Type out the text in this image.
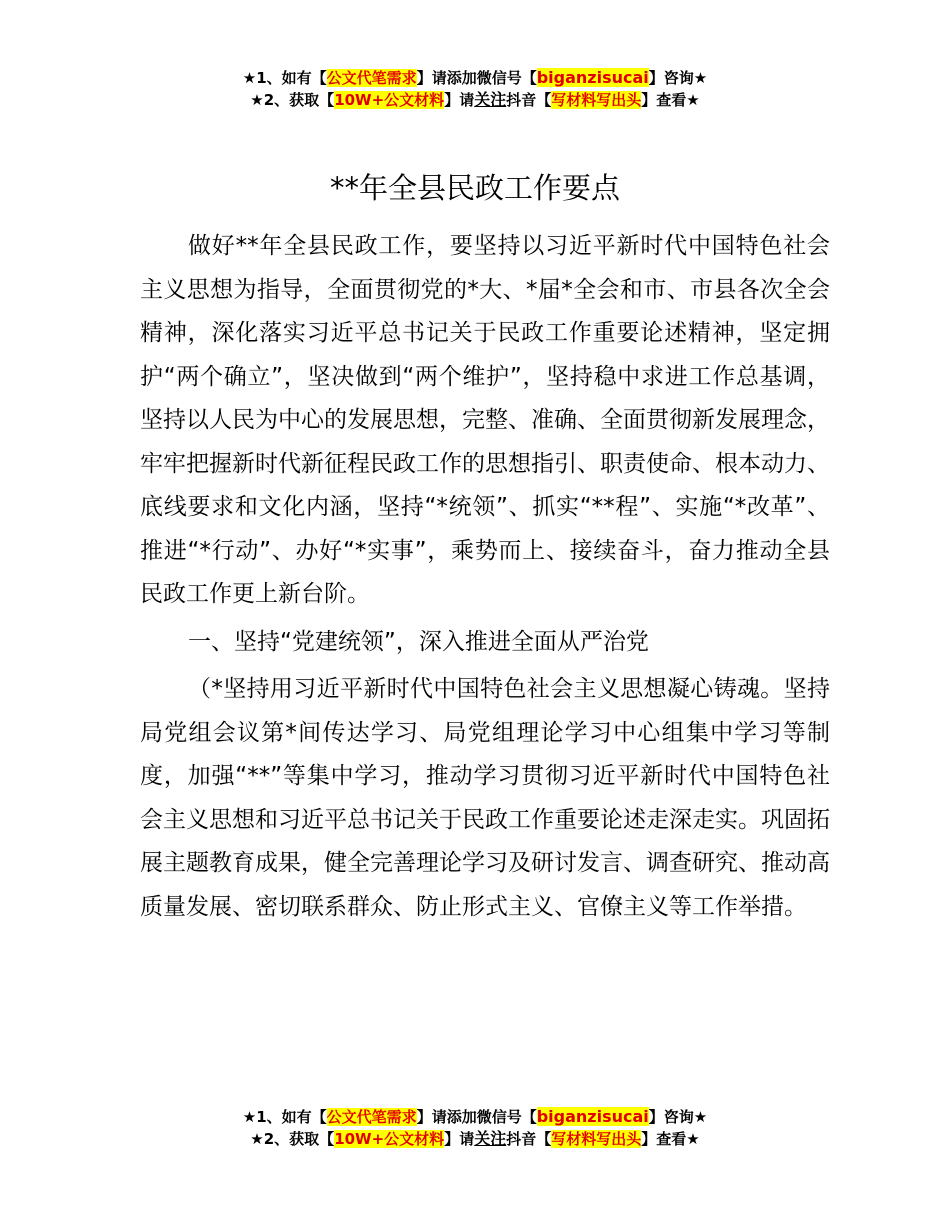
★1、如有【公文代笔需求】请添加微信号【biganzisucai】咨询★
★2、获取【10W+公文材料】请关注抖音【写材料写出头】查看★
**年全县民政工作要点

做好**年全县民政工作，要坚持以习近平新时代中国特色社会主义思想为指导，全面贯彻党的*大、*届*全会和市、市县各次全会精神，深化落实习近平总书记关于民政工作重要论述精神，坚定拥护“两个确立”，坚决做到“两个维护”，坚持稳中求进工作总基调，坚持以人民为中心的发展思想，完整、准确、全面贯彻新发展理念，牢牢把握新时代新征程民政工作的思想指引、职责使命、根本动力、底线要求和文化内涵，坚持“*统领”、抓实“**程”、实施“*改革”、推进“*行动”、办好“*实事”，乘势而上、接续奋斗，奋力推动全县民政工作更上新台阶。

一、坚持“党建统领”，深入推进全面从严治党

（*坚持用习近平新时代中国特色社会主义思想凝心铸魂。坚持局党组会议第*间传达学习、局党组理论学习中心组集中学习等制度，加强“**”等集中学习，推动学习贯彻习近平新时代中国特色社会主义思想和习近平总书记关于民政工作重要论述走深走实。巩固拓展主题教育成果，健全完善理论学习及研讨发言、调查研究、推动高质量发展、密切联系群众、防止形式主义、官僚主义等工作举措。

★1、如有【公文代笔需求】请添加微信号【biganzisucai】咨询★
★2、获取【10W+公文材料】请关注抖音【写材料写出头】查看★
